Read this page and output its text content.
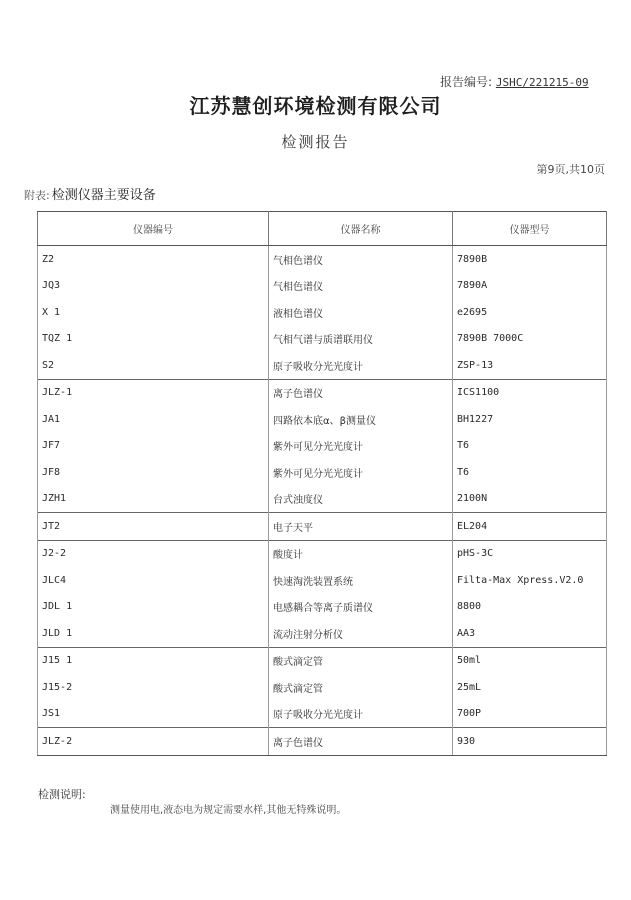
报告编号: JSHC/221215-09
江苏慧创环境检测有限公司
检测报告
第9页,共10页
附表: 检测仪器主要设备
仪器编号	仪器名称	仪器型号
Z2	气相色谱仪	7890B
JQ3	气相色谱仪	7890A
X 1	液相色谱仪	e2695
TQZ 1	气相气谱与质谱联用仪	7890B 7000C
S2	原子吸收分光光度计	ZSP-13
JLZ-1	离子色谱仪	ICS1100
JA1	四路依本底α、β测量仪	BH1227
JF7	紫外可见分光光度计	T6
JF8	紫外可见分光光度计	T6
JZH1	台式浊度仪	2100N
JT2	电子天平	EL204
J2-2	酸度计	pHS-3C
JLC4	快速淘洗装置系统	Filta-Max Xpress.V2.0
JDL 1	电感耦合等离子质谱仪	8800
JLD 1	流动注射分析仪	AA3
J15 1	酸式滴定管	50ml
J15-2	酸式滴定管	25mL
JS1	原子吸收分光光度计	700P
JLZ-2	离子色谱仪	930
检测说明:
测量使用电,液态电为规定需要水样,其他无特殊说明。
